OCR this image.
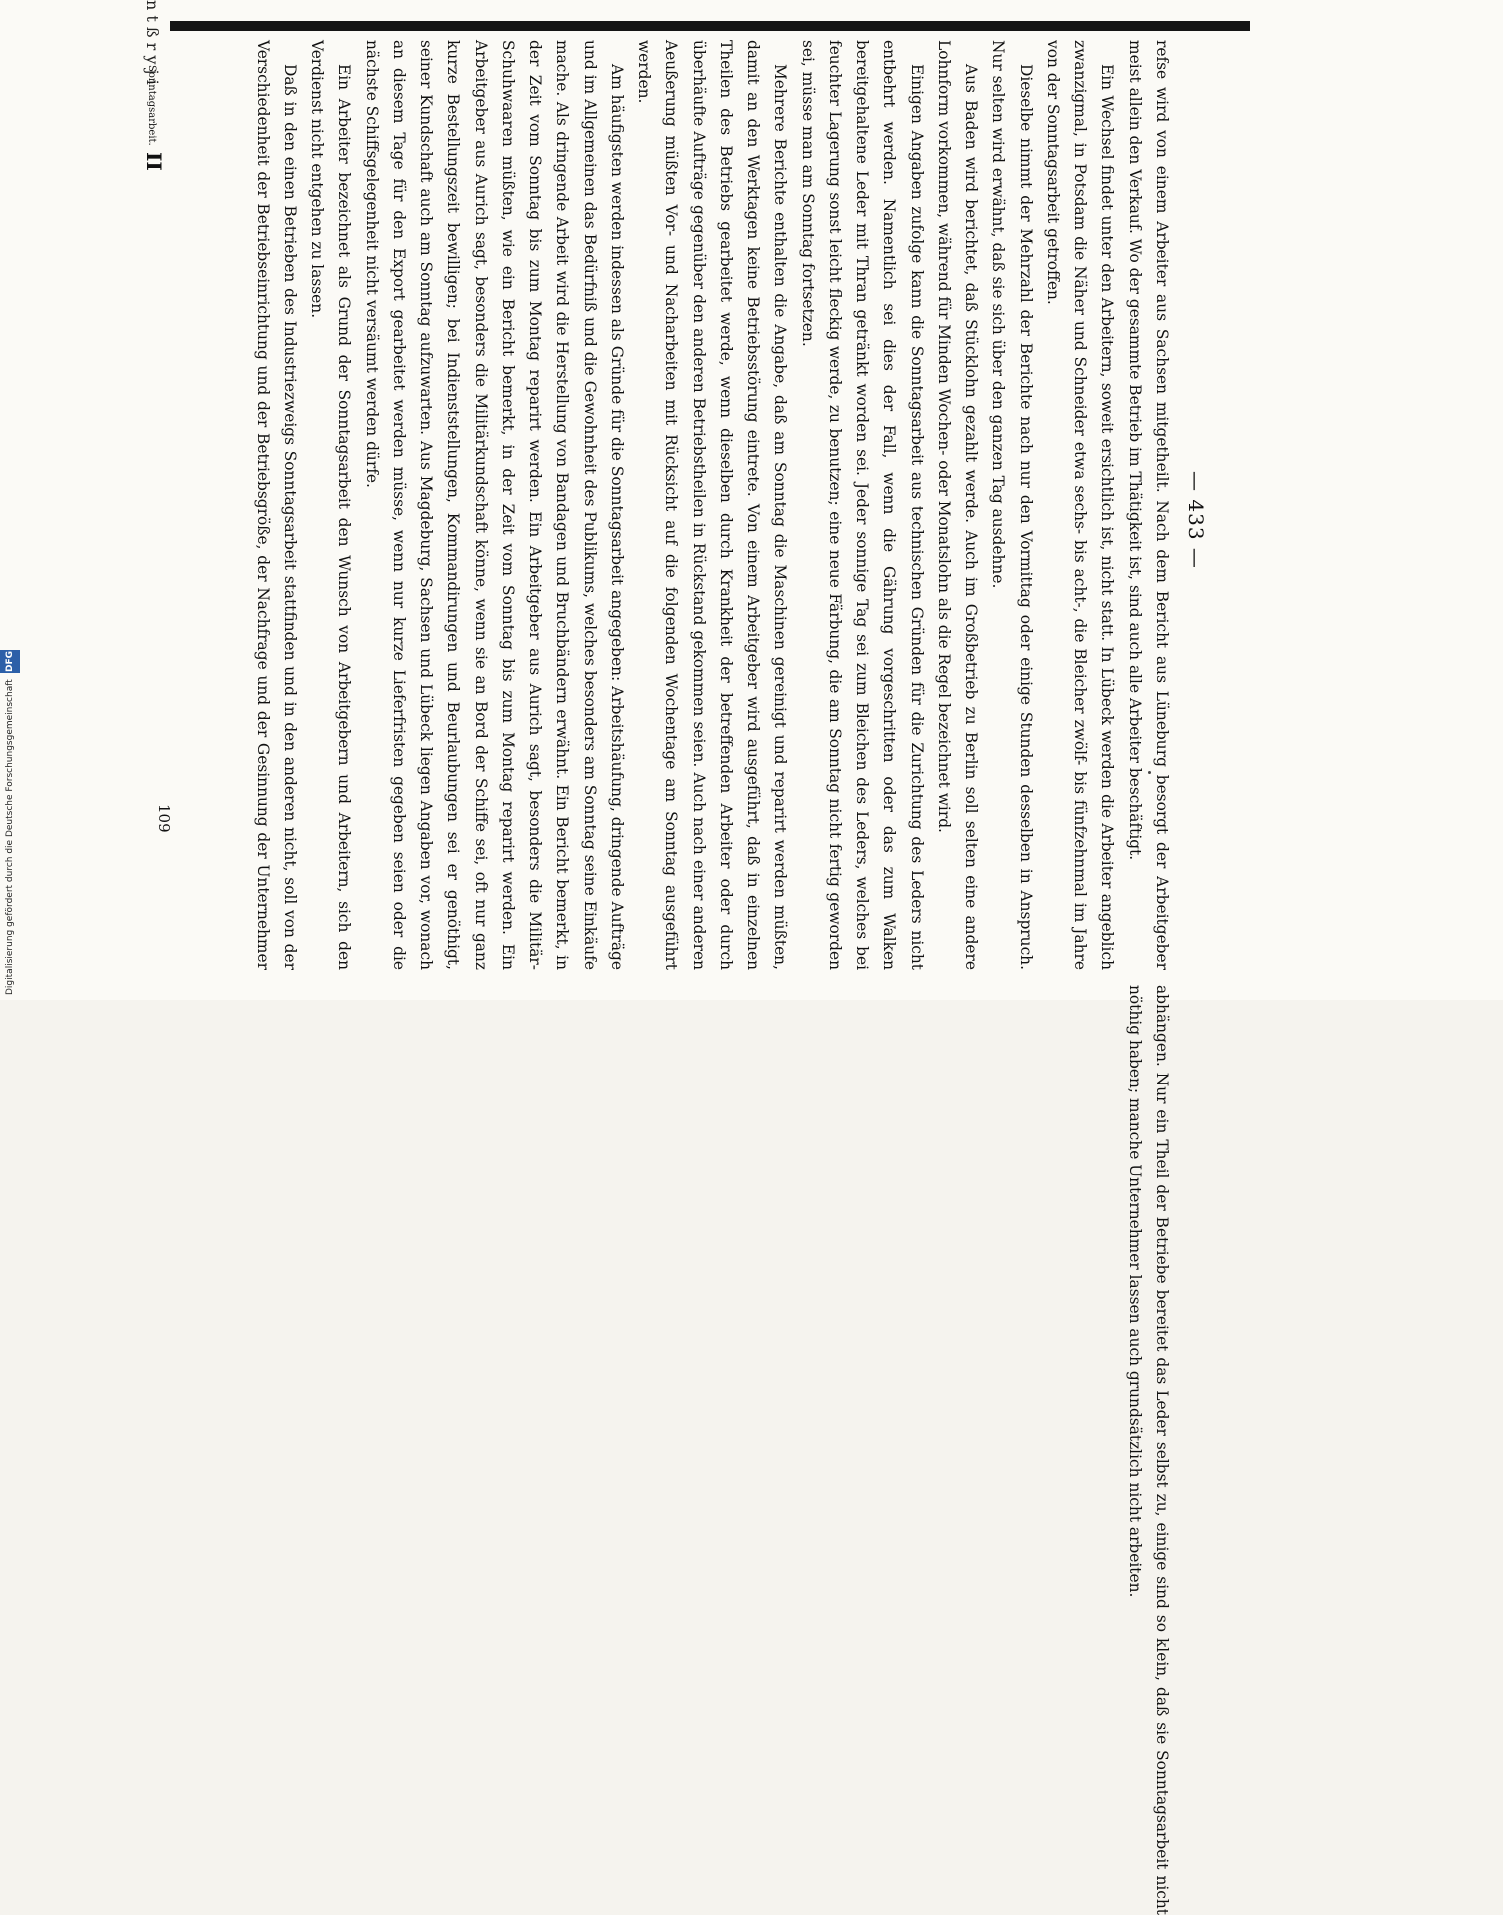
n t ß r y j i
— 433 —

refse wird von einem Arbeiter aus Sachsen mitgetheilt. Nach dem Bericht aus Lüneburg besorgt der Arbeitgeber meist allein den Verkauf. Wo der gesammte Betrieb im Thätigkeit ist, sind auch alle Arbeiter beschäftigt.

Ein Wechsel findet unter den Arbeitern, soweit ersichtlich ist, nicht statt. In Lübeck werden die Arbeiter angeblich zwanzigmal, in Potsdam die Näher und Schneider etwa sechs- bis acht-, die Bleicher zwölf- bis fünfzehnmal im Jahre von der Sonntagsarbeit getroffen.

Dieselbe nimmt der Mehrzahl der Berichte nach nur den Vormittag oder einige Stunden desselben in Anspruch. Nur selten wird erwähnt, daß sie sich über den ganzen Tag ausdehne.

Aus Baden wird berichtet, daß Stücklohn gezahlt werde. Auch im Großbetrieb zu Berlin soll selten eine andere Lohnform vorkommen, während für Minden Wochen- oder Monatslohn als die Regel bezeichnet wird.

Einigen Angaben zufolge kann die Sonntagsarbeit aus technischen Gründen für die Zurichtung des Leders nicht entbehrt werden. Namentlich sei dies der Fall, wenn die Gährung vorgeschritten oder das zum Walken bereitgehaltene Leder mit Thran getränkt worden sei. Jeder sonnige Tag sei zum Bleichen des Leders, welches bei feuchter Lagerung sonst leicht fleckig werde, zu benutzen; eine neue Färbung, die am Sonntag nicht fertig geworden sei, müsse man am Sonntag fortsetzen.

Mehrere Berichte enthalten die Angabe, daß am Sonntag die Maschinen gereinigt und reparirt werden müßten, damit an den Werktagen keine Betriebsstörung eintrete. Von einem Arbeitgeber wird ausgeführt, daß in einzelnen Theilen des Betriebs gearbeitet werde, wenn dieselben durch Krankheit der betreffenden Arbeiter oder durch überhäufte Aufträge gegenüber den anderen Betriebstheilen in Rückstand gekommen seien. Auch nach einer anderen Aeußerung müßten Vor- und Nacharbeiten mit Rücksicht auf die folgenden Wochentage am Sonntag ausgeführt werden.

Am häufigsten werden indessen als Gründe für die Sonntagsarbeit angegeben: Arbeitshäufung, dringende Aufträge und im Allgemeinen das Bedürfniß und die Gewohnheit des Publikums, welches besonders am Sonntag seine Einkäufe mache. Als dringende Arbeit wird die Herstellung von Bandagen und Bruchbändern erwähnt. Ein Bericht bemerkt, in der Zeit vom Sonntag bis zum Montag reparirt werden. Ein Arbeitgeber aus Aurich sagt, besonders die Militär-Schuhwaaren müßten, wie ein Bericht bemerkt, in der Zeit vom Sonntag bis zum Montag reparirt werden. Ein Arbeitgeber aus Aurich sagt, besonders die Militärkundschaft könne, wenn sie an Bord der Schiffe sei, oft nur ganz kurze Bestellungszeit bewilligen; bei Indienststellungen, Kommandirungen und Beurlaubungen sei er genöthigt, seiner Kundschaft auch am Sonntag aufzuwarten. Aus Magdeburg, Sachsen und Lübeck liegen Angaben vor, wonach an diesem Tage für den Export gearbeitet werden müsse, wenn nur kurze Lieferfristen gegeben seien oder die nächste Schiffsgelegenheit nicht versäumt werden dürfe.

Ein Arbeiter bezeichnet als Grund der Sonntagsarbeit den Wunsch von Arbeitgebern und Arbeitern, sich den Verdienst nicht entgehen zu lassen.

Daß in den einen Betrieben des Industriezweigs Sonntagsarbeit stattfinden und in den anderen nicht, soll von der Verschiedenheit der Betriebseinrichtung und der Betriebsgröße, der Nachfrage und der Gesinnung der Unternehmer abhängen. Nur ein Theil der Betriebe bereitet das Leder selbst zu, einige sind so klein, daß sie Sonntagsarbeit nicht nöthig haben; manche Unternehmer lassen auch grundsätzlich nicht arbeiten.

Sonntagsarbeit.
II
109
Digitalisierung gefördert durch die Deutsche Forschungsgemeinschaft DFG
